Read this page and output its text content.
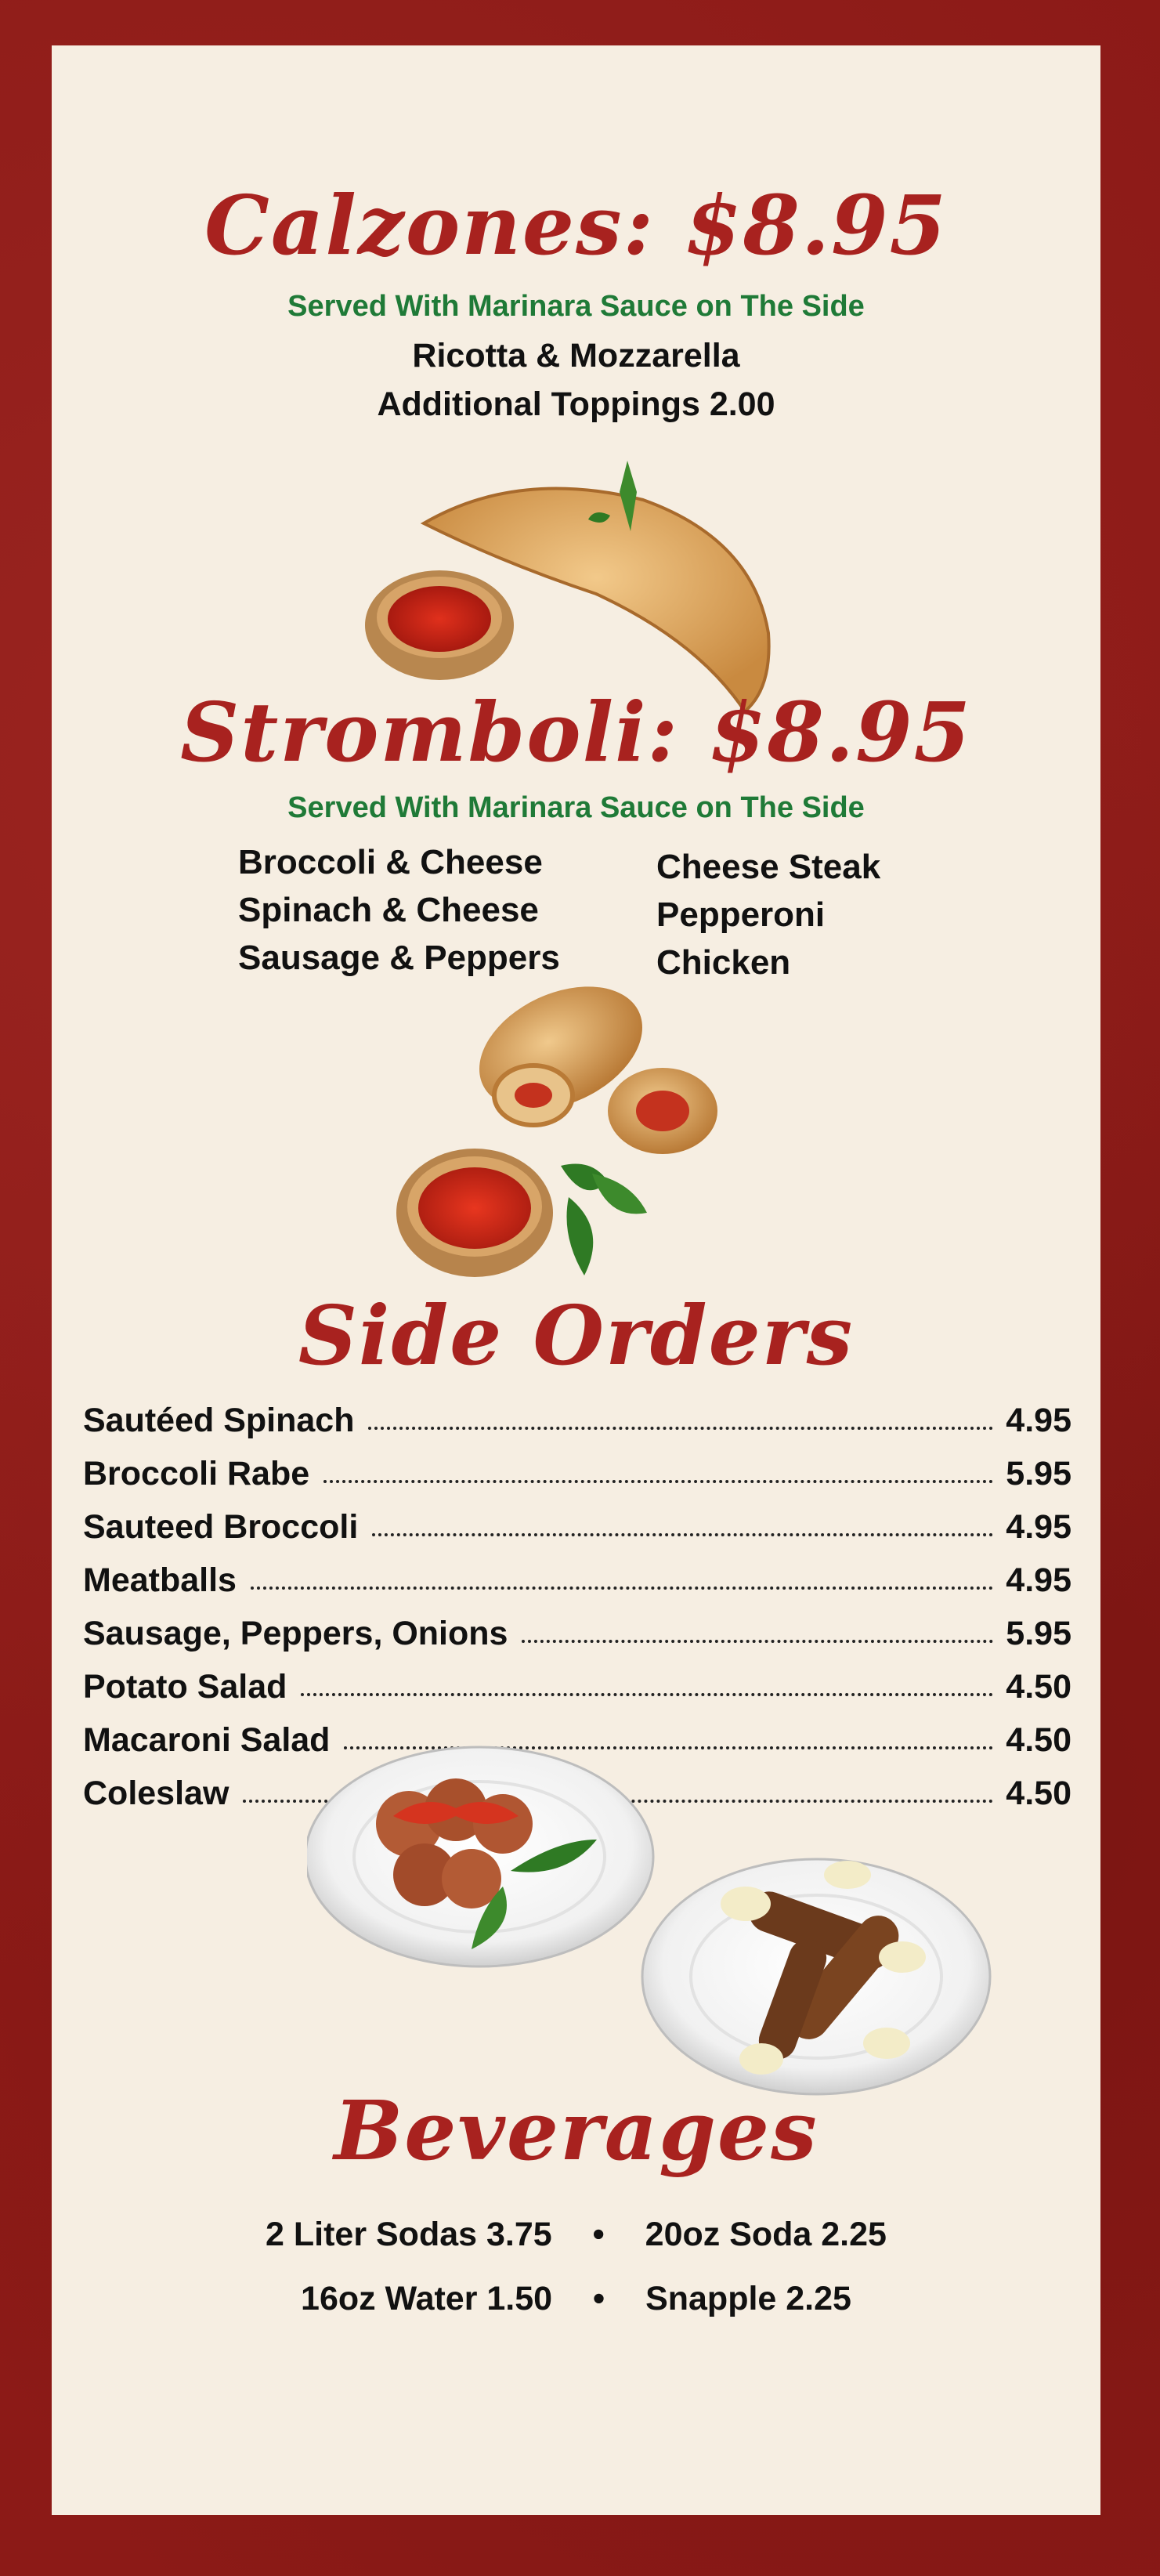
Calzones: $8.95
Served With Marinara Sauce on The Side
Ricotta & Mozzarella
Additional Toppings 2.00
Stromboli: $8.95
Served With Marinara Sauce on The Side
Broccoli & Cheese
Spinach & Cheese
Sausage & Peppers
Cheese Steak
Pepperoni
Chicken
Side Orders
Sautéed Spinach	4.95
Broccoli Rabe	5.95
Sauteed Broccoli	4.95
Meatballs	4.95
Sausage, Peppers, Onions	5.95
Potato Salad	4.50
Macaroni Salad	4.50
Coleslaw	4.50
Beverages
2 Liter Sodas 3.75 • 20oz Soda 2.25
16oz Water 1.50 • Snapple 2.25
